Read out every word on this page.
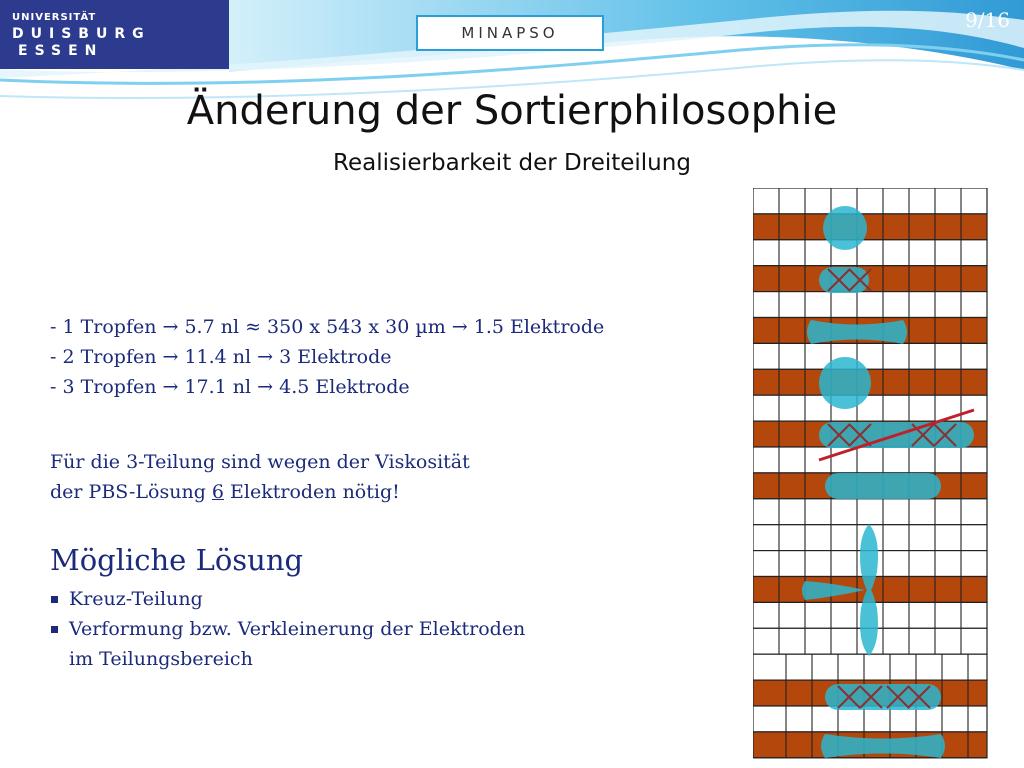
UNIVERSITÄT
DUISBURG
ESSEN
MINAPSO
9/16
Änderung der Sortierphilosophie
Realisierbarkeit der Dreiteilung
- 1 Tropfen → 5.7 nl ≈ 350 x 543 x 30 µm → 1.5 Elektrode
- 2 Tropfen → 11.4 nl → 3 Elektrode
- 3 Tropfen → 17.1 nl → 4.5 Elektrode
Für die 3-Teilung sind wegen der Viskosität
der PBS-Lösung 6 Elektroden nötig!
Mögliche Lösung
Kreuz-Teilung
Verformung bzw. Verkleinerung der Elektroden
im Teilungsbereich
